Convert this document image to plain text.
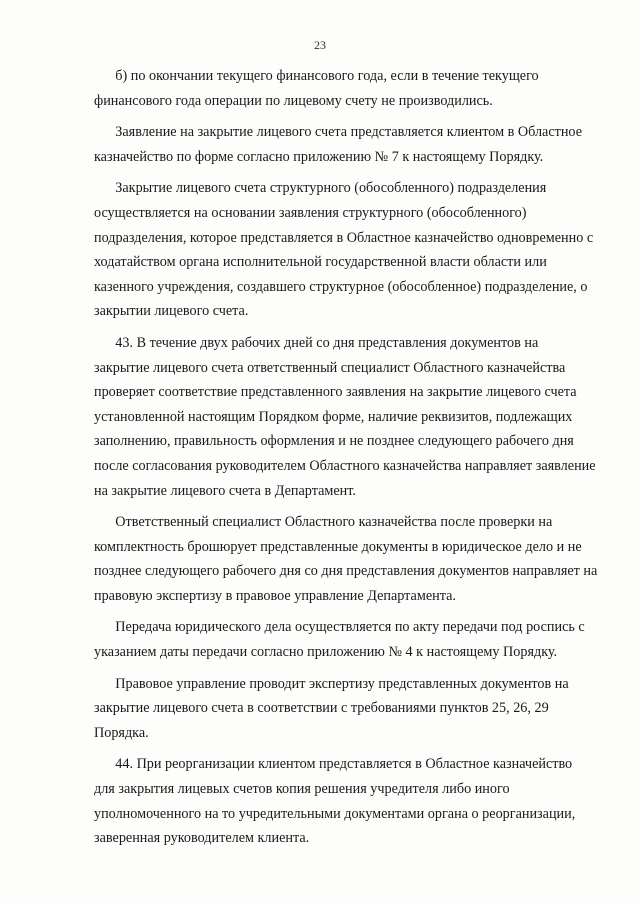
23

б) по окончании текущего финансового года, если в течение текущего
финансового года операции по лицевому счету не производились.

Заявление на закрытие лицевого счета представляется клиентом в Областное
казначейство по форме согласно приложению № 7 к настоящему Порядку.

Закрытие лицевого счета структурного (обособленного) подразделения
осуществляется на основании заявления структурного (обособленного)
подразделения, которое представляется в Областное казначейство одновременно с
ходатайством органа исполнительной государственной власти области или
казенного учреждения, создавшего структурное (обособленное) подразделение, о
закрытии лицевого счета.

43. В течение двух рабочих дней со дня представления документов на
закрытие лицевого счета ответственный специалист Областного казначейства
проверяет соответствие представленного заявления на закрытие лицевого счета
установленной настоящим Порядком форме, наличие реквизитов, подлежащих
заполнению, правильность оформления и не позднее следующего рабочего дня
после согласования руководителем Областного казначейства направляет заявление
на закрытие лицевого счета в Департамент.

Ответственный специалист Областного казначейства после проверки на
комплектность брошюрует представленные документы в юридическое дело и не
позднее следующего рабочего дня со дня представления документов направляет на
правовую экспертизу в правовое управление Департамента.

Передача юридического дела осуществляется по акту передачи под роспись с
указанием даты передачи согласно приложению № 4 к настоящему Порядку.

Правовое управление проводит экспертизу представленных документов на
закрытие лицевого счета в соответствии с требованиями пунктов 25, 26, 29
Порядка.

44. При реорганизации клиентом представляется в Областное казначейство
для закрытия лицевых счетов копия решения учредителя либо иного
уполномоченного на то учредительными документами органа о реорганизации,
заверенная руководителем клиента.
